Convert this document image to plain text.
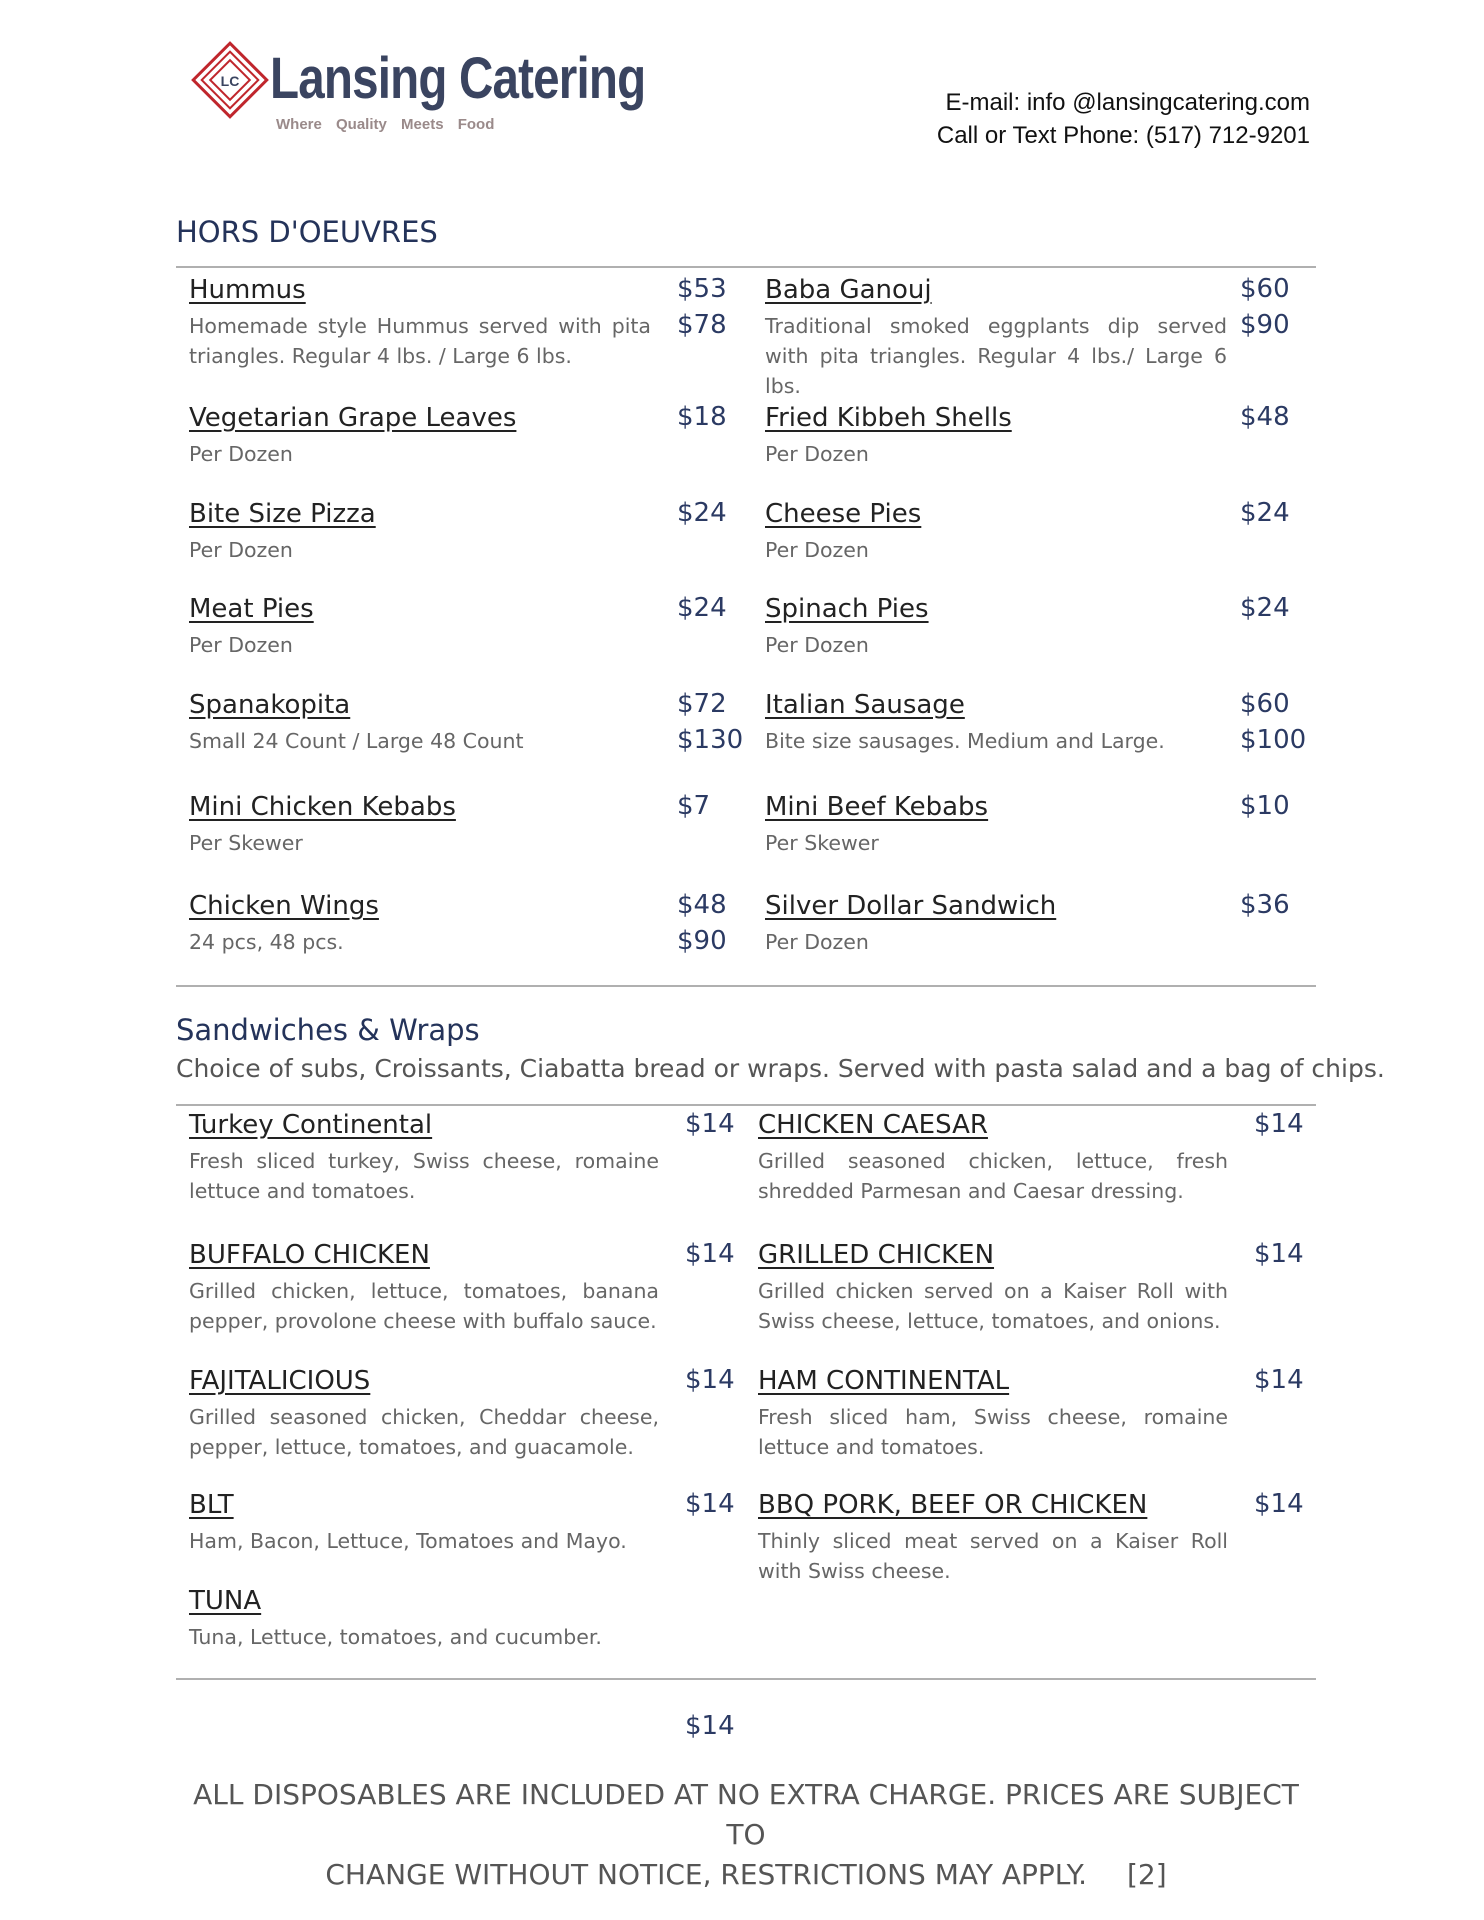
LC Lansing Catering
Where Quality Meets Food
E-mail: info @lansingcatering.com
Call or Text Phone: (517) 712-9201
HORS D'OEUVRES
Hummus
Homemade style Hummus served with pita triangles. Regular 4 lbs. / Large 6 lbs.
$53
$78
Baba Ganouj
Traditional smoked eggplants dip served with pita triangles. Regular 4 lbs./ Large 6 lbs.
$60
$90
Vegetarian Grape Leaves
Per Dozen
$18 Fried Kibbeh Shells
Per Dozen
$48
Bite Size Pizza
Per Dozen
$24 Cheese Pies
Per Dozen
$24
Meat Pies
Per Dozen
$24 Spinach Pies
Per Dozen
$24
Spanakopita
Small 24 Count / Large 48 Count
$72
$130
Italian Sausage
Bite size sausages. Medium and Large.
$60
$100
Mini Chicken Kebabs
Per Skewer
$7 Mini Beef Kebabs
Per Skewer
$10
Chicken Wings
24 pcs, 48 pcs.
$48
$90
Silver Dollar Sandwich
Per Dozen
$36
Sandwiches & Wraps
Choice of subs, Croissants, Ciabatta bread or wraps. Served with pasta salad and a bag of chips.
Turkey Continental
Fresh sliced turkey, Swiss cheese, romaine lettuce and tomatoes.
$14 CHICKEN CAESAR
Grilled seasoned chicken, lettuce, fresh shredded Parmesan and Caesar dressing.
$14
BUFFALO CHICKEN
Grilled chicken, lettuce, tomatoes, banana pepper, provolone cheese with buffalo sauce.
$14 GRILLED CHICKEN
Grilled chicken served on a Kaiser Roll with Swiss cheese, lettuce, tomatoes, and onions.
$14
FAJITALICIOUS
Grilled seasoned chicken, Cheddar cheese, pepper, lettuce, tomatoes, and guacamole.
$14 HAM CONTINENTAL
Fresh sliced ham, Swiss cheese, romaine lettuce and tomatoes.
$14
BLT
Ham, Bacon, Lettuce, Tomatoes and Mayo.
$14 BBQ PORK, BEEF OR CHICKEN
Thinly sliced meat served on a Kaiser Roll with Swiss cheese.
$14
TUNA
Tuna, Lettuce, tomatoes, and cucumber.
$14
ALL DISPOSABLES ARE INCLUDED AT NO EXTRA CHARGE. PRICES ARE SUBJECT TO
CHANGE WITHOUT NOTICE, RESTRICTIONS MAY APPLY. [2]
